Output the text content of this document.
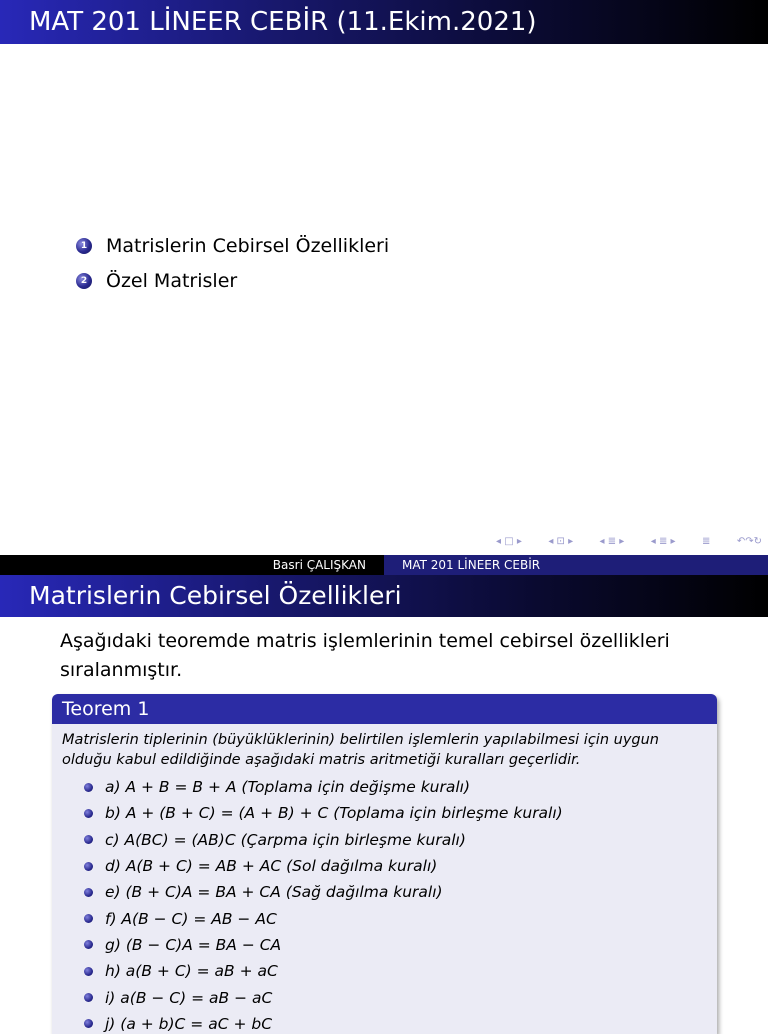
MAT 201 LİNEER CEBİR (11.Ekim.2021)
1 Matrislerin Cebirsel Özellikleri
2 Özel Matrisler
◂ □ ▸	◂ ⊡ ▸	◂ ≣ ▸	◂ ≣ ▸	≣	↶↷↻
Basri ÇALIŞKAN	MAT 201 LİNEER CEBİR
Matrislerin Cebirsel Özellikleri
Aşağıdaki teoremde matris işlemlerinin temel cebirsel özellikleri sıralanmıştır.
Teorem 1
Matrislerin tiplerinin (büyüklüklerinin) belirtilen işlemlerin yapılabilmesi için uygun olduğu kabul edildiğinde aşağıdaki matris aritmetiği kuralları geçerlidir.
a) A + B = B + A (Toplama için değişme kuralı)
b) A + (B + C) = (A + B) + C (Toplama için birleşme kuralı)
c) A(BC) = (AB)C (Çarpma için birleşme kuralı)
d) A(B + C) = AB + AC (Sol dağılma kuralı)
e) (B + C)A = BA + CA (Sağ dağılma kuralı)
f) A(B − C) = AB − AC
g) (B − C)A = BA − CA
h) a(B + C) = aB + aC
i) a(B − C) = aB − aC
j) (a + b)C = aC + bC
